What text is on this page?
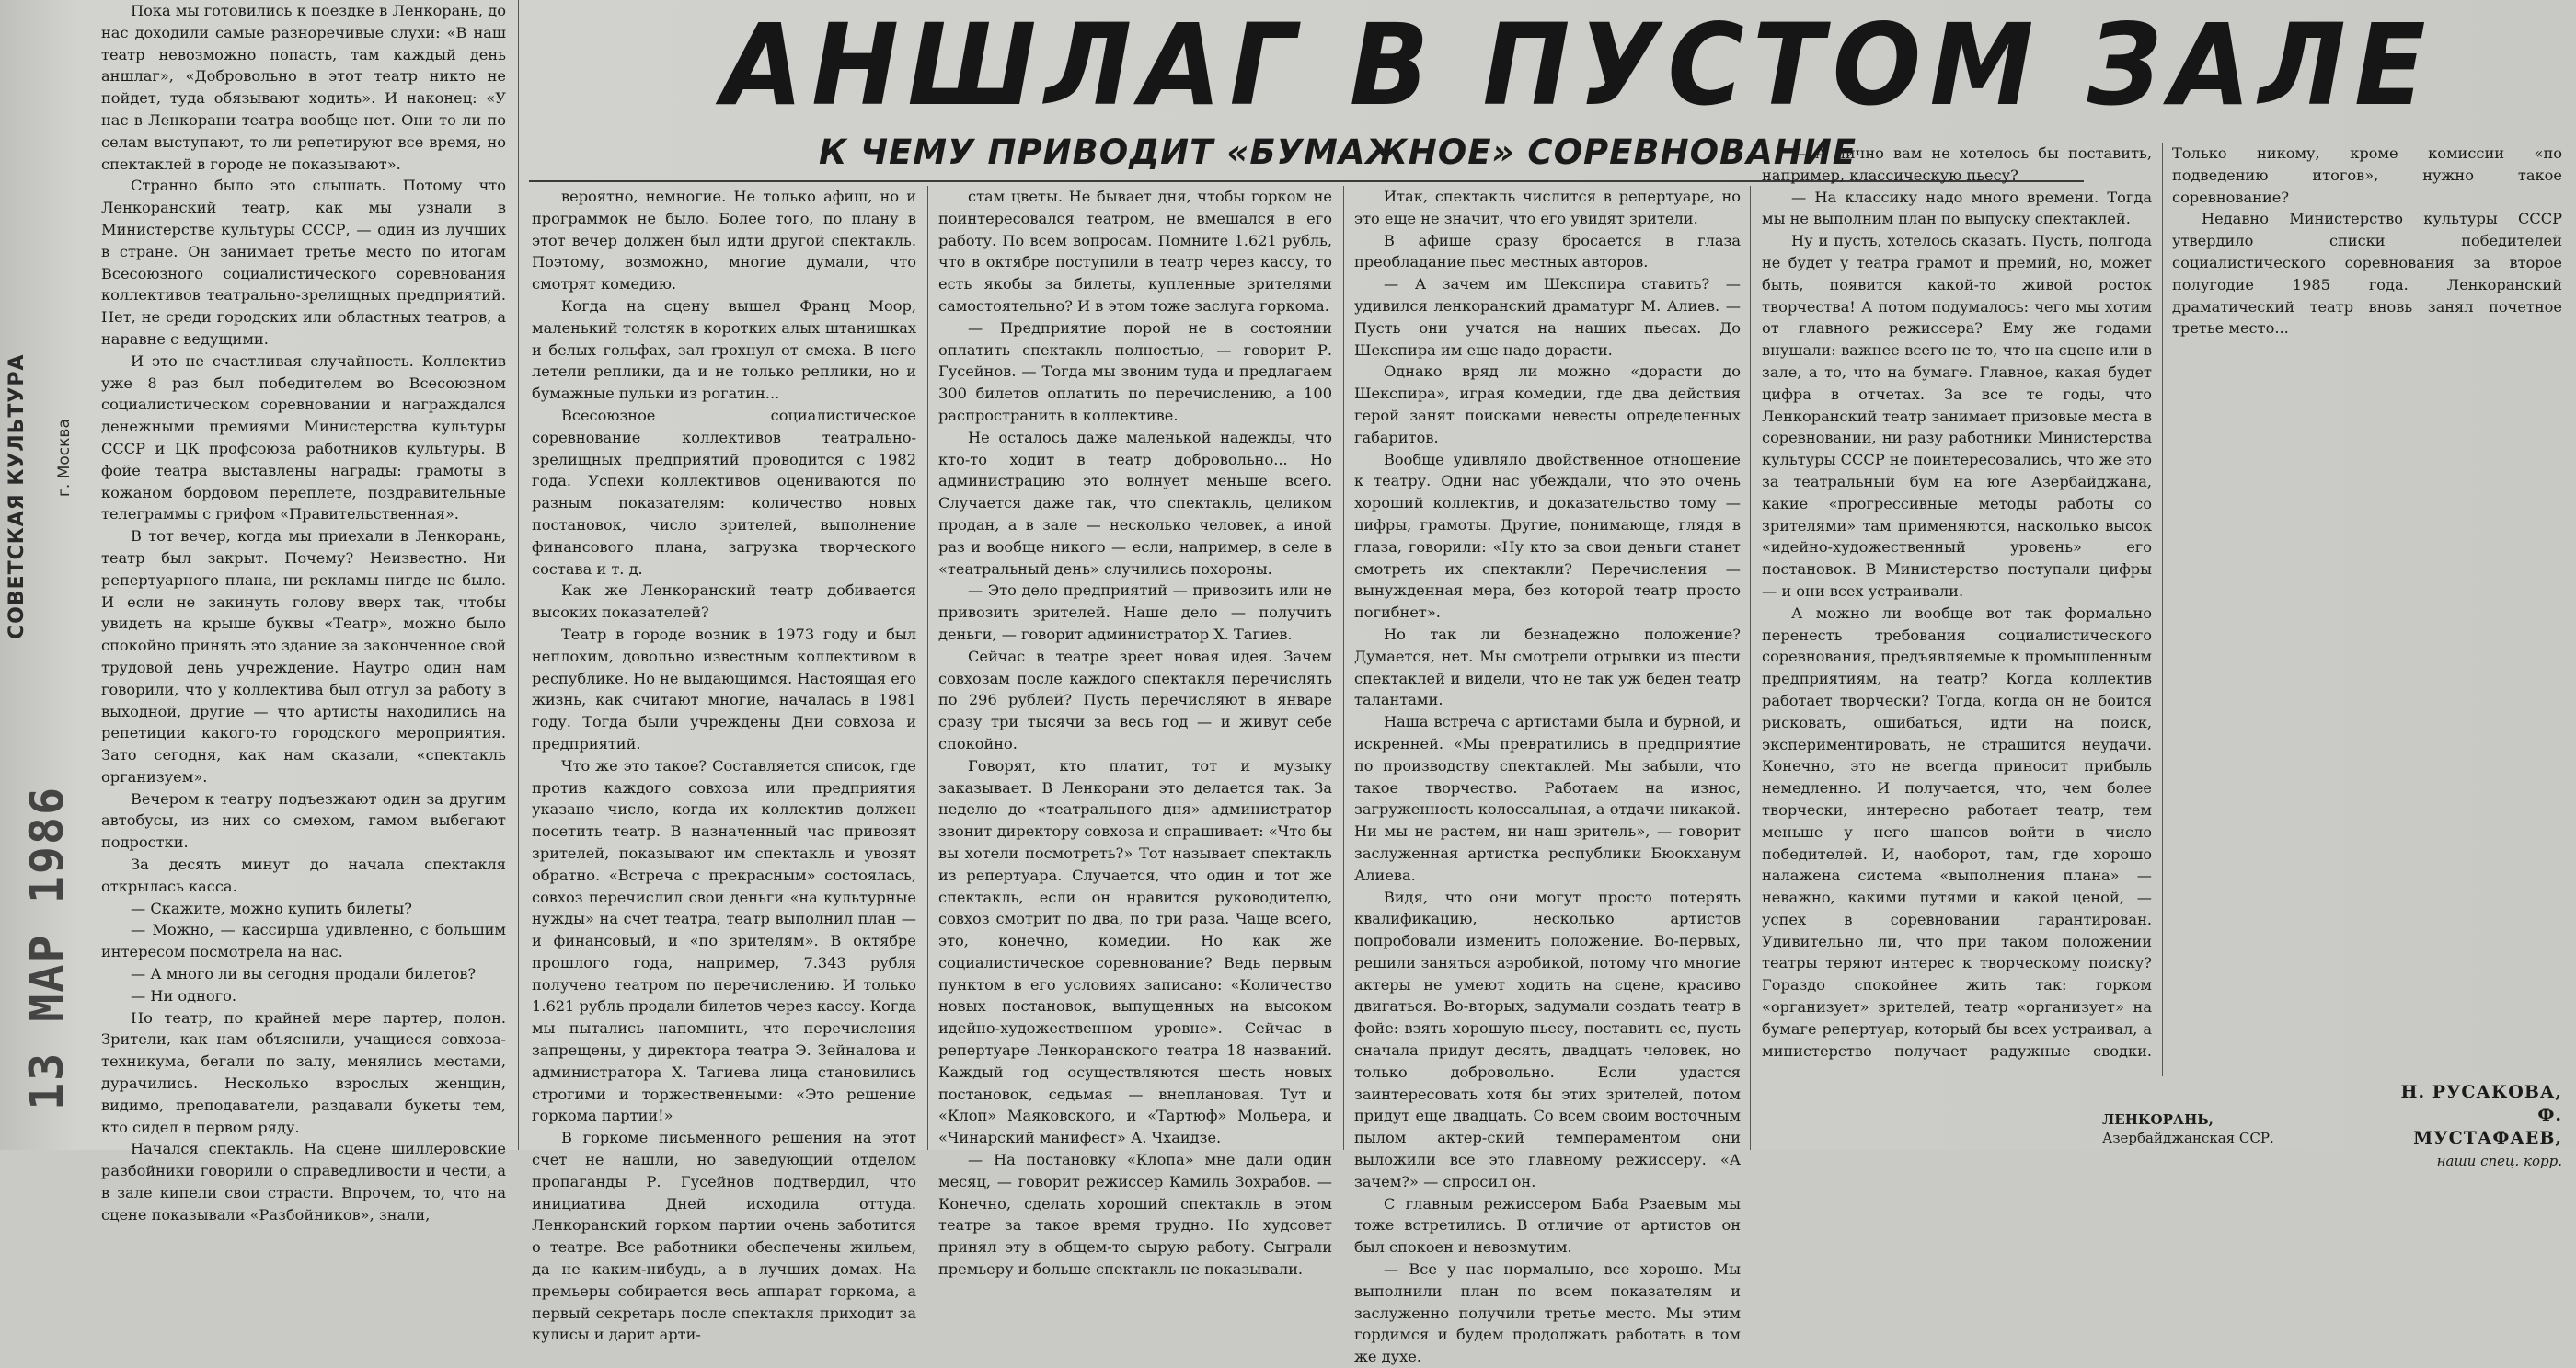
СОВЕТСКАЯ КУЛЬТУРА	г. Москва
13 МАР 1986

Пока мы готовились к поездке в Ленкорань, до нас доходили самые разноречивые слухи: «В наш театр невозможно попасть, там каждый день аншлаг», «Добровольно в этот театр никто не пойдет, туда обязывают ходить». И наконец: «У нас в Ленкорани театра вообще нет. Они то ли по селам выступают, то ли репетируют все время, но спектаклей в городе не показывают».

Странно было это слышать. Потому что Ленкоранский театр, как мы узнали в Министерстве культуры СССР, — один из лучших в стране. Он занимает третье место по итогам Всесоюзного социалистического соревнования коллективов театрально-зрелищных предприятий. Нет, не среди городских или областных театров, а наравне с ведущими.

И это не счастливая случайность. Коллектив уже 8 раз был победителем во Всесоюзном социалистическом соревновании и награждался денежными премиями Министерства культуры СССР и ЦК профсоюза работников культуры. В фойе театра выставлены награды: грамоты в кожаном бордовом переплете, поздравительные телеграммы с грифом «Правительственная».

В тот вечер, когда мы приехали в Ленкорань, театр был закрыт. Почему? Неизвестно. Ни репертуарного плана, ни рекламы нигде не было. И если не закинуть голову вверх так, чтобы увидеть на крыше буквы «Театр», можно было спокойно принять это здание за законченное свой трудовой день учреждение. Наутро один нам говорили, что у коллектива был отгул за работу в выходной, другие — что артисты находились на репетиции какого-то городского мероприятия. Зато сегодня, как нам сказали, «спектакль организуем».

Вечером к театру подъезжают один за другим автобусы, из них со смехом, гамом выбегают подростки.

За десять минут до начала спектакля открылась касса.

— Скажите, можно купить билеты?

— Можно, — кассирша удивленно, с большим интересом посмотрела на нас.

— А много ли вы сегодня продали билетов?

— Ни одного.

Но театр, по крайней мере партер, полон. Зрители, как нам объяснили, учащиеся совхоза-техникума, бегали по залу, менялись местами, дурачились. Несколько взрослых женщин, видимо, преподаватели, раздавали букеты тем, кто сидел в первом ряду.

Начался спектакль. На сцене шиллеровские разбойники говорили о справедливости и чести, а в зале кипели свои страсти. Впрочем, то, что на сцене показывали «Разбойников», знали,

АНШЛАГ В ПУСТОМ ЗАЛЕ
К ЧЕМУ ПРИВОДИТ «БУМАЖНОЕ» СОРЕВНОВАНИЕ

вероятно, немногие. Не только афиш, но и программок не было. Более того, по плану в этот вечер должен был идти другой спектакль. Поэтому, возможно, многие думали, что смотрят комедию.

Когда на сцену вышел Франц Моор, маленький толстяк в коротких алых штанишках и белых гольфах, зал грохнул от смеха. В него летели реплики, да и не только реплики, но и бумажные пульки из рогатин...

Всесоюзное социалистическое соревнование коллективов театрально-зрелищных предприятий проводится с 1982 года. Успехи коллективов оцениваются по разным показателям: количество новых постановок, число зрителей, выполнение финансового плана, загрузка творческого состава и т. д.

Как же Ленкоранский театр добивается высоких показателей?

Театр в городе возник в 1973 году и был неплохим, довольно известным коллективом в республике. Но не выдающимся. Настоящая его жизнь, как считают многие, началась в 1981 году. Тогда были учреждены Дни совхоза и предприятий.

Что же это такое? Составляется список, где против каждого совхоза или предприятия указано число, когда их коллектив должен посетить театр. В назначенный час привозят зрителей, показывают им спектакль и увозят обратно. «Встреча с прекрасным» состоялась, совхоз перечислил свои деньги «на культурные нужды» на счет театра, театр выполнил план — и финансовый, и «по зрителям». В октябре прошлого года, например, 7.343 рубля получено театром по перечислению. И только 1.621 рубль продали билетов через кассу. Когда мы пытались напомнить, что перечисления запрещены, у директора театра Э. Зейналова и администратора Х. Тагиева лица становились строгими и торжественными: «Это решение горкома партии!»

В горкоме письменного решения на этот счет не нашли, но заведующий отделом пропаганды Р. Гусейнов подтвердил, что инициатива Дней исходила оттуда. Ленкоранский горком партии очень заботится о театре. Все работники обеспечены жильем, да не каким-нибудь, а в лучших домах. На премьеры собирается весь аппарат горкома, а первый секретарь после спектакля приходит за кулисы и дарит арти-

стам цветы. Не бывает дня, чтобы горком не поинтересовался театром, не вмешался в его работу. По всем вопросам. Помните 1.621 рубль, что в октябре поступили в театр через кассу, то есть якобы за билеты, купленные зрителями самостоятельно? И в этом тоже заслуга горкома.

— Предприятие порой не в состоянии оплатить спектакль полностью, — говорит Р. Гусейнов. — Тогда мы звоним туда и предлагаем 300 билетов оплатить по перечислению, а 100 распространить в коллективе.

Не осталось даже маленькой надежды, что кто-то ходит в театр добровольно... Но администрацию это волнует меньше всего. Случается даже так, что спектакль, целиком продан, а в зале — несколько человек, а иной раз и вообще никого — если, например, в селе в «театральный день» случились похороны.

— Это дело предприятий — привозить или не привозить зрителей. Наше дело — получить деньги, — говорит администратор Х. Тагиев.

Сейчас в театре зреет новая идея. Зачем совхозам после каждого спектакля перечислять по 296 рублей? Пусть перечисляют в январе сразу три тысячи за весь год — и живут себе спокойно.

Говорят, кто платит, тот и музыку заказывает. В Ленкорани это делается так. За неделю до «театрального дня» администратор звонит директору совхоза и спрашивает: «Что бы вы хотели посмотреть?» Тот называет спектакль из репертуара. Случается, что один и тот же спектакль, если он нравится руководителю, совхоз смотрит по два, по три раза. Чаще всего, это, конечно, комедии. Но как же социалистическое соревнование? Ведь первым пунктом в его условиях записано: «Количество новых постановок, выпущенных на высоком идейно-художественном уровне». Сейчас в репертуаре Ленкоранского театра 18 названий. Каждый год осуществляются шесть новых постановок, седьмая — внеплановая. Тут и «Клоп» Маяковского, и «Тартюф» Мольера, и «Чинарский манифест» А. Чхаидзе.

— На постановку «Клопа» мне дали один месяц, — говорит режиссер Камиль Зохрабов. — Конечно, сделать хороший спектакль в этом театре за такое время трудно. Но худсовет принял эту в общем-то сырую работу. Сыграли премьеру и больше спектакль не показывали.

Итак, спектакль числится в репертуаре, но это еще не значит, что его увидят зрители.

В афише сразу бросается в глаза преобладание пьес местных авторов.

— А зачем им Шекспира ставить? — удивился ленкоранский драматург М. Алиев. — Пусть они учатся на наших пьесах. До Шекспира им еще надо дорасти.

Однако вряд ли можно «дорасти до Шекспира», играя комедии, где два действия герой занят поисками невесты определенных габаритов.

Вообще удивляло двойственное отношение к театру. Одни нас убеждали, что это очень хороший коллектив, и доказательство тому — цифры, грамоты. Другие, понимающе, глядя в глаза, говорили: «Ну кто за свои деньги станет смотреть их спектакли? Перечисления — вынужденная мера, без которой театр просто погибнет».

Но так ли безнадежно положение? Думается, нет. Мы смотрели отрывки из шести спектаклей и видели, что не так уж беден театр талантами.

Наша встреча с артистами была и бурной, и искренней. «Мы превратились в предприятие по производству спектаклей. Мы забыли, что такое творчество. Работаем на износ, загруженность колоссальная, а отдачи никакой. Ни мы не растем, ни наш зритель», — говорит заслуженная артистка республики Бюокханум Алиева.

Видя, что они могут просто потерять квалификацию, несколько артистов попробовали изменить положение. Во-первых, решили заняться аэробикой, потому что многие актеры не умеют ходить на сцене, красиво двигаться. Во-вторых, задумали создать театр в фойе: взять хорошую пьесу, поставить ее, пусть сначала придут десять, двадцать человек, но только добровольно. Если удастся заинтересовать хотя бы этих зрителей, потом придут еще двадцать. Со всем своим восточным пылом актер-ский темпераментом они выложили все это главному режиссеру. «А зачем?» — спросил он.

С главным режиссером Баба Рзаевым мы тоже встретились. В отличие от артистов он был спокоен и невозмутим.

— Все у нас нормально, все хорошо. Мы выполнили план по всем показателям и заслуженно получили третье место. Мы этим гордимся и будем продолжать работать в том же духе.

— А лично вам не хотелось бы поставить, например, классическую пьесу?

— На классику надо много времени. Тогда мы не выполним план по выпуску спектаклей.

Ну и пусть, хотелось сказать. Пусть, полгода не будет у театра грамот и премий, но, может быть, появится какой-то живой росток творчества! А потом подумалось: чего мы хотим от главного режиссера? Ему же годами внушали: важнее всего не то, что на сцене или в зале, а то, что на бумаге. Главное, какая будет цифра в отчетах. За все те годы, что Ленкоранский театр занимает призовые места в соревновании, ни разу работники Министерства культуры СССР не поинтересовались, что же это за театральный бум на юге Азербайджана, какие «прогрессивные методы работы со зрителями» там применяются, насколько высок «идейно-художественный уровень» его постановок. В Министерство поступали цифры — и они всех устраивали.

А можно ли вообще вот так формально перенесть требования социалистического соревнования, предъявляемые к промышленным предприятиям, на театр? Когда коллектив работает творчески? Тогда, когда он не боится рисковать, ошибаться, идти на поиск, экспериментировать, не страшится неудачи. Конечно, это не всегда приносит прибыль немедленно. И получается, что, чем более творчески, интересно работает театр, тем меньше у него шансов войти в число победителей. И, наоборот, там, где хорошо налажена система «выполнения плана» — неважно, какими путями и какой ценой, — успех в соревновании гарантирован. Удивительно ли, что при таком положении театры теряют интерес к творческому поиску? Гораздо спокойнее жить так: горком «организует» зрителей, театр «организует» на бумаге репертуар, который бы всех устраивал, а министерство получает радужные сводки. Только никому, кроме комиссии «по подведению итогов», нужно такое соревнование?

Недавно Министерство культуры СССР утвердило списки победителей социалистического соревнования за второе полугодие 1985 года. Ленкоранский драматический театр вновь занял почетное третье место...

ЛЕНКОРАНЬ,
Азербайджанская ССР.
Н. РУСАКОВА,
Ф. МУСТАФАЕВ,
наши спец. корр.
